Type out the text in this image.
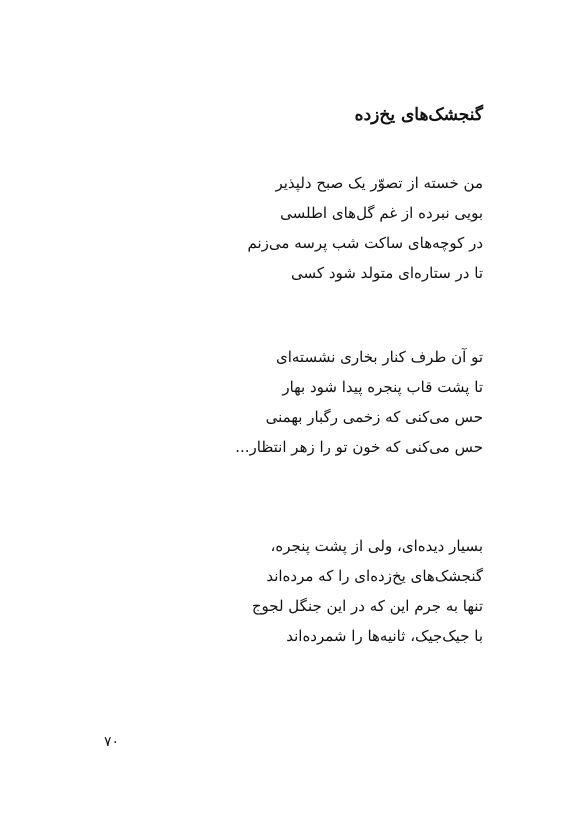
گنجشک‌های یخ‌زده
من خسته از تصوّر یک صبح دلپذیر
بویی نبرده از غم گل‌های اطلسی
در کوچه‌های ساکت شب پرسه می‌زنم
تا در ستاره‌ای متولد شود کسی
تو آن طرف کنار بخاری نشسته‌ای
تا پشت قاب پنجره پیدا شود بهار
حس می‌کنی که زخمی رگبار بهمنی
حس می‌کنی که خون تو را زهر انتظار...
بسیار دیده‌ای، ولی از پشت پنجره،
گنجشک‌های یخ‌زده‌ای را که مرده‌اند
تنها به جرم این که در این جنگل لجوج
با جیک‌جیک، ثانیه‌ها را شمرده‌اند
۷۰
